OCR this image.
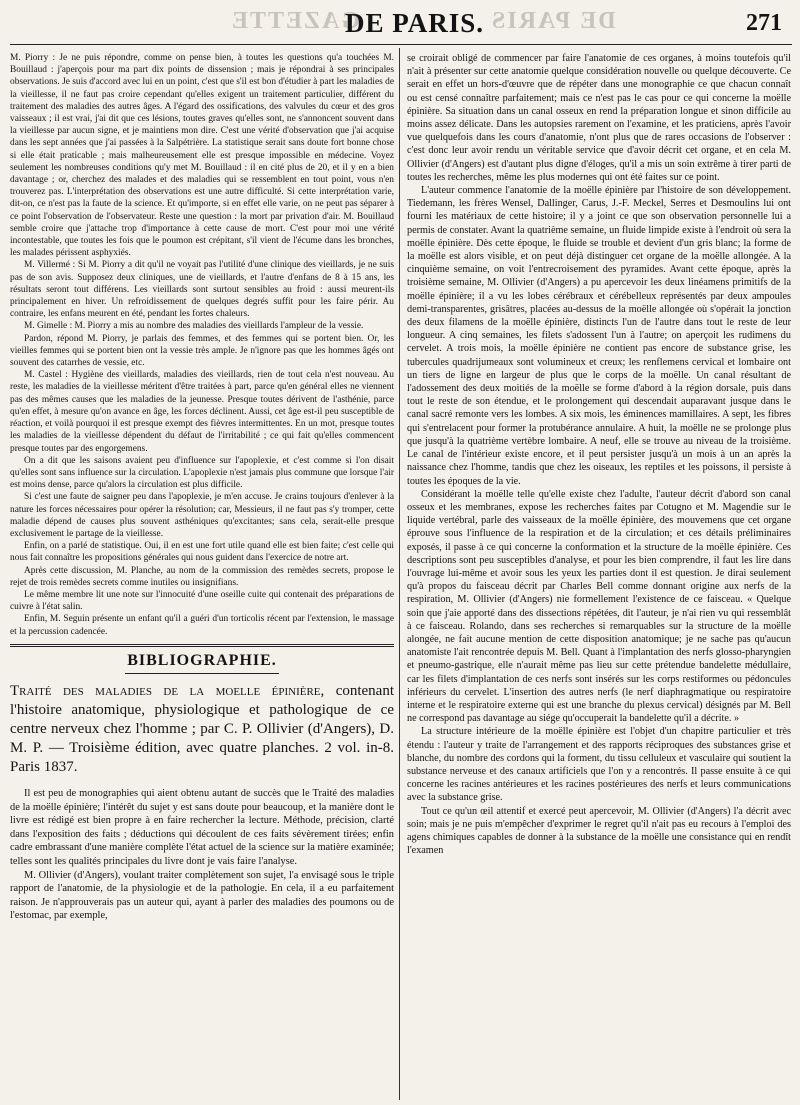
GAZETTE
DE PARIS. DE PARIS	271

M. Piorry : Je ne puis répondre, comme on pense bien, à toutes les questions qu'a touchées M. Bouillaud : j'aperçois pour ma part dix points de dissension ; mais je répondrai à ses principales observations. Je suis d'accord avec lui en un point, c'est que s'il est bon d'étudier à part les maladies de la vieillesse, il ne faut pas croire cependant qu'elles exigent un traitement particulier, différent du traitement des maladies des autres âges. A l'égard des ossifications, des valvules du cœur et des gros vaisseaux ; il est vrai, j'ai dit que ces lésions, toutes graves qu'elles sont, ne s'annoncent souvent dans la vieillesse par aucun signe, et je maintiens mon dire. C'est une vérité d'observation que j'ai acquise dans les sept années que j'ai passées à la Salpétrière. La statistique serait sans doute fort bonne chose si elle était praticable ; mais malheureusement elle est presque impossible en médecine. Voyez seulement les nombreuses conditions qu'y met M. Bouillaud : il en cité plus de 20, et il y en a bien davantage ; or, cherchez des malades et des maladies qui se ressemblent en tout point, vous n'en trouverez pas. L'interprétation des observations est une autre difficulté. Si cette interprétation varie, dit-on, ce n'est pas la faute de la science. Et qu'importe, si en effet elle varie, on ne peut pas séparer à ce point l'observation de l'observateur. Reste une question : la mort par privation d'air. M. Bouillaud semble croire que j'attache trop d'importance à cette cause de mort. C'est pour moi une vérité incontestable, que toutes les fois que le poumon est crépitant, s'il vient de l'écume dans les bronches, les malades périssent asphyxiés.

M. Villermé : Si M. Piorry a dit qu'il ne voyait pas l'utilité d'une clinique des vieillards, je ne suis pas de son avis. Supposez deux cliniques, une de vieillards, et l'autre d'enfans de 8 à 15 ans, les résultats seront tout différens. Les vieillards sont surtout sensibles au froid : aussi meurent-ils principalement en hiver. Un refroidissement de quelques degrés suffit pour les faire périr. Au contraire, les enfans meurent en été, pendant les fortes chaleurs.

M. Gimelle : M. Piorry a mis au nombre des maladies des vieillards l'ampleur de la vessie.

Pardon, répond M. Piorry, je parlais des femmes, et des femmes qui se portent bien. Or, les vieilles femmes qui se portent bien ont la vessie très ample. Je n'ignore pas que les hommes âgés ont souvent des catarrhes de vessie, etc.

M. Castel : Hygiène des vieillards, maladies des vieillards, rien de tout cela n'est nouveau. Au reste, les maladies de la vieillesse méritent d'être traitées à part, parce qu'en général elles ne viennent pas des mêmes causes que les maladies de la jeunesse. Presque toutes dérivent de l'asthénie, parce qu'en effet, à mesure qu'on avance en âge, les forces déclinent. Aussi, cet âge est-il peu susceptible de réaction, et voilà pourquoi il est presque exempt des fièvres intermittentes. En un mot, presque toutes les maladies de la vieillesse dépendent du défaut de l'irritabilité ; ce qui fait qu'elles commencent presque toutes par des engorgemens.

On a dit que les saisons avaient peu d'influence sur l'apoplexie, et c'est comme si l'on disait qu'elles sont sans influence sur la circulation. L'apoplexie n'est jamais plus commune que lorsque l'air est moins dense, parce qu'alors la circulation est plus difficile.

Si c'est une faute de saigner peu dans l'apoplexie, je m'en accuse. Je crains toujours d'enlever à la nature les forces nécessaires pour opérer la résolution; car, Messieurs, il ne faut pas s'y tromper, cette maladie dépend de causes plus souvent asthéniques qu'excitantes; sans cela, serait-elle presque exclusivement le partage de la vieillesse.

Enfin, on a parlé de statistique. Oui, il en est une fort utile quand elle est bien faite; c'est celle qui nous fait connaître les propositions générales qui nous guident dans l'exercice de notre art.

Après cette discussion, M. Planche, au nom de la commission des remèdes secrets, propose le rejet de trois remèdes secrets comme inutiles ou insignifians.

Le même membre lit une note sur l'innocuité d'une oseille cuite qui contenait des préparations de cuivre à l'état salin.

Enfin, M. Seguin présente un enfant qu'il a guéri d'un torticolis récent par l'extension, le massage et la percussion cadencée.

BIBLIOGRAPHIE.
Traité des maladies de la moelle épinière, contenant l'histoire anatomique, physiologique et pathologique de ce centre nerveux chez l'homme ; par C. P. Ollivier (d'Angers), D. M. P. — Troisième édition, avec quatre planches. 2 vol. in-8. Paris 1837.

Il est peu de monographies qui aient obtenu autant de succès que le Traité des maladies de la moëlle épinière; l'intérêt du sujet y est sans doute pour beaucoup, et la manière dont le livre est rédigé est bien propre à en faire rechercher la lecture. Méthode, précision, clarté dans l'exposition des faits ; déductions qui découlent de ces faits sévèrement tirées; enfin cadre embrassant d'une manière complète l'état actuel de la science sur la matière examinée; telles sont les qualités principales du livre dont je vais faire l'analyse.

M. Ollivier (d'Angers), voulant traiter complètement son sujet, l'a envisagé sous le triple rapport de l'anatomie, de la physiologie et de la pathologie. En cela, il a eu parfaitement raison. Je n'approuverais pas un auteur qui, ayant à parler des maladies des poumons ou de l'estomac, par exemple,

se croirait obligé de commencer par faire l'anatomie de ces organes, à moins toutefois qu'il n'ait à présenter sur cette anatomie quelque considération nouvelle ou quelque découverte. Ce serait en effet un hors-d'œuvre que de répéter dans une monographie ce que chacun connaît ou est censé connaître parfaitement; mais ce n'est pas le cas pour ce qui concerne la moëlle épinière. Sa situation dans un canal osseux en rend la préparation longue et sinon difficile au moins assez délicate. Dans les autopsies rarement on l'examine, et les praticiens, après l'avoir vue quelquefois dans les cours d'anatomie, n'ont plus que de rares occasions de l'observer : c'est donc leur avoir rendu un véritable service que d'avoir décrit cet organe, et en cela M. Ollivier (d'Angers) est d'autant plus digne d'éloges, qu'il a mis un soin extrême à tirer parti de toutes les recherches, même les plus modernes qui ont été faites sur ce point.

L'auteur commence l'anatomie de la moëlle épinière par l'histoire de son développement. Tiedemann, les frères Wensel, Dallinger, Carus, J.-F. Meckel, Serres et Desmoulins lui ont fourni les matériaux de cette histoire; il y a joint ce que son observation personnelle lui a permis de constater. Avant la quatrième semaine, un fluide limpide existe à l'endroit où sera la moëlle épinière. Dès cette époque, le fluide se trouble et devient d'un gris blanc; la forme de la moëlle est alors visible, et on peut déjà distinguer cet organe de la moëlle allongée. A la cinquième semaine, on voit l'entrecroisement des pyramides. Avant cette époque, après la troisième semaine, M. Ollivier (d'Angers) a pu apercevoir les deux linéamens primitifs de la moëlle épinière; il a vu les lobes cérébraux et cérébelleux représentés par deux ampoules demi-transparentes, grisâtres, placées au-dessus de la moëlle allongée où s'opérait la jonction des deux filamens de la moëlle épinière, distincts l'un de l'autre dans tout le reste de leur longueur. A cinq semaines, les filets s'adossent l'un à l'autre; on aperçoit les rudimens du cervelet. A trois mois, la moëlle épinière ne contient pas encore de substance grise, les tubercules quadrijumeaux sont volumineux et creux; les renflemens cervical et lombaire ont un tiers de ligne en largeur de plus que le corps de la moëlle. Un canal résultant de l'adossement des deux moitiés de la moëlle se forme d'abord à la région dorsale, puis dans tout le reste de son étendue, et le prolongement qui descendait auparavant jusque dans le canal sacré remonte vers les lombes. A six mois, les éminences mamillaires. A sept, les fibres qui s'entrelacent pour former la protubérance annulaire. A huit, la moëlle ne se prolonge plus que jusqu'à la quatrième vertèbre lombaire. A neuf, elle se trouve au niveau de la troisième. Le canal de l'intérieur existe encore, et il peut persister jusqu'à un mois à un an après la naissance chez l'homme, tandis que chez les oiseaux, les reptiles et les poissons, il persiste à toutes les époques de la vie.

Considérant la moëlle telle qu'elle existe chez l'adulte, l'auteur décrit d'abord son canal osseux et les membranes, expose les recherches faites par Cotugno et M. Magendie sur le liquide vertébral, parle des vaisseaux de la moëlle épinière, des mouvemens que cet organe éprouve sous l'influence de la respiration et de la circulation; et ces détails préliminaires exposés, il passe à ce qui concerne la conformation et la structure de la moëlle épinière. Ces descriptions sont peu susceptibles d'analyse, et pour les bien comprendre, il faut les lire dans l'ouvrage lui-même et avoir sous les yeux les parties dont il est question. Je dirai seulement qu'à propos du faisceau décrit par Charles Bell comme donnant origine aux nerfs de la respiration, M. Ollivier (d'Angers) nie formellement l'existence de ce faisceau. « Quelque soin que j'aie apporté dans des dissections répétées, dit l'auteur, je n'ai rien vu qui ressemblât à ce faisceau. Rolando, dans ses recherches si remarquables sur la structure de la moëlle alongée, ne fait aucune mention de cette disposition anatomique; je ne sache pas qu'aucun anatomiste l'ait rencontrée depuis M. Bell. Quant à l'implantation des nerfs glosso-pharyngien et pneumo-gastrique, elle n'aurait même pas lieu sur cette prétendue bandelette médullaire, car les filets d'implantation de ces nerfs sont insérés sur les corps restiformes ou pédoncules inférieurs du cervelet. L'insertion des autres nerfs (le nerf diaphragmatique ou respiratoire interne et le respiratoire externe qui est une branche du plexus cervical) désignés par M. Bell ne correspond pas davantage au siége qu'occuperait la bandelette qu'il a décrite. »

La structure intérieure de la moëlle épinière est l'objet d'un chapitre particulier et très étendu : l'auteur y traite de l'arrangement et des rapports réciproques des substances grise et blanche, du nombre des cordons qui la forment, du tissu celluleux et vasculaire qui soutient la substance nerveuse et des canaux artificiels que l'on y a rencontrés. Il passe ensuite à ce qui concerne les racines antérieures et les racines postérieures des nerfs et leurs communications avec la substance grise.

Tout ce qu'un œil attentif et exercé peut apercevoir, M. Ollivier (d'Angers) l'a décrit avec soin; mais je ne puis m'empêcher d'exprimer le regret qu'il n'ait pas eu recours à l'emploi des agens chimiques capables de donner à la substance de la moëlle une consistance qui en rendît l'examen
